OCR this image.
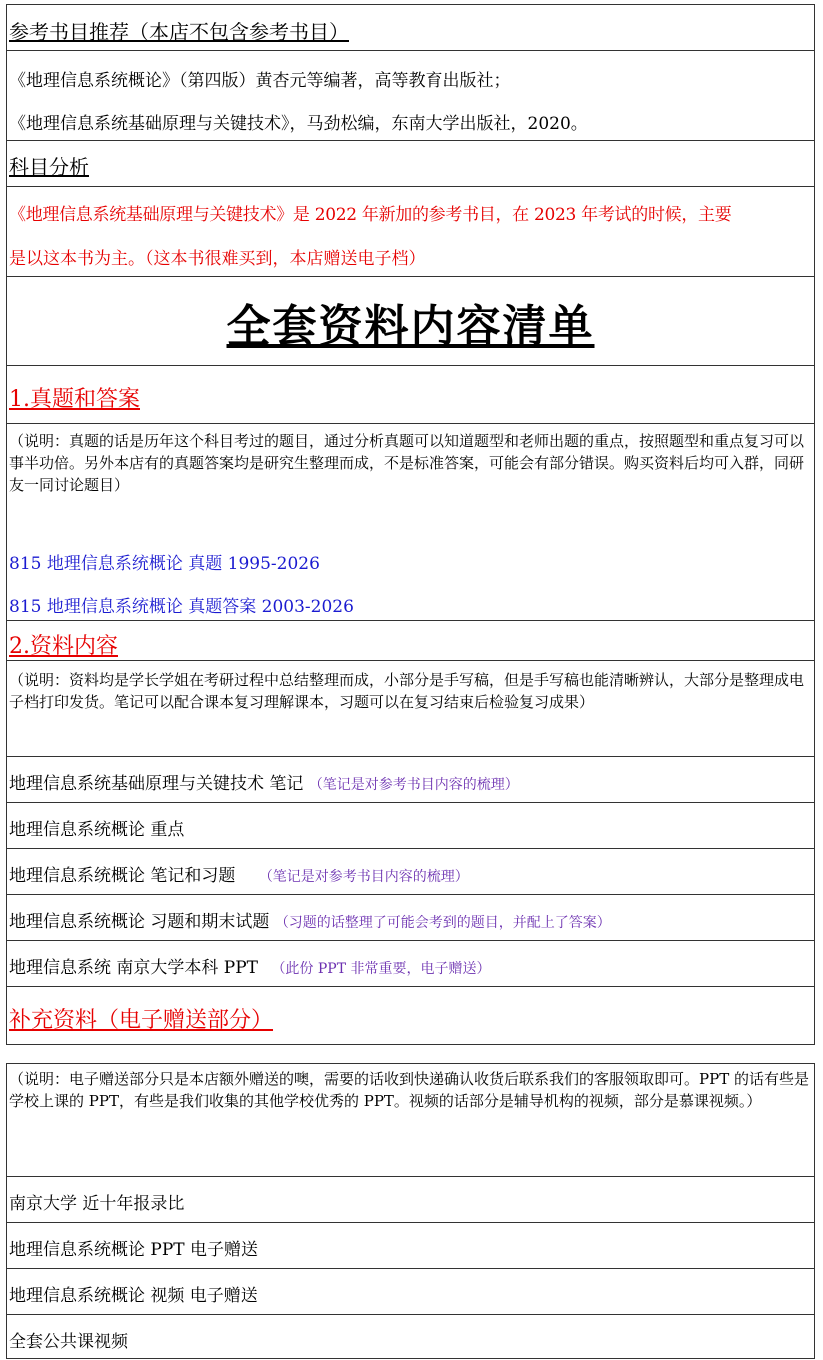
参考书目推荐（本店不包含参考书目）
《地理信息系统概论》（第四版）黄杏元等编著，高等教育出版社；
《地理信息系统基础原理与关键技术》，马劲松编，东南大学出版社，2020。
科目分析
《地理信息系统基础原理与关键技术》是 2022 年新加的参考书目，在 2023 年考试的时候，主要
是以这本书为主。（这本书很难买到，本店赠送电子档）
全套资料内容清单
1.真题和答案
（说明：真题的话是历年这个科目考过的题目，通过分析真题可以知道题型和老师出题的重点，按照题型和重点复习可以事半功倍。另外本店有的真题答案均是研究生整理而成，不是标准答案，可能会有部分错误。购买资料后均可入群，同研友一同讨论题目）
815 地理信息系统概论 真题 1995-2026
815 地理信息系统概论 真题答案 2003-2026
2.资料内容
（说明：资料均是学长学姐在考研过程中总结整理而成，小部分是手写稿，但是手写稿也能清晰辨认，大部分是整理成电子档打印发货。笔记可以配合课本复习理解课本，习题可以在复习结束后检验复习成果）
地理信息系统基础原理与关键技术 笔记 （笔记是对参考书目内容的梳理）
地理信息系统概论 重点
地理信息系统概论 笔记和习题 （笔记是对参考书目内容的梳理）
地理信息系统概论 习题和期末试题 （习题的话整理了可能会考到的题目，并配上了答案）
地理信息系统 南京大学本科 PPT （此份 PPT 非常重要，电子赠送）
补充资料（电子赠送部分）
（说明：电子赠送部分只是本店额外赠送的噢，需要的话收到快递确认收货后联系我们的客服领取即可。PPT 的话有些是学校上课的 PPT，有些是我们收集的其他学校优秀的 PPT。视频的话部分是辅导机构的视频，部分是慕课视频。）
南京大学 近十年报录比
地理信息系统概论 PPT 电子赠送
地理信息系统概论 视频 电子赠送
全套公共课视频
